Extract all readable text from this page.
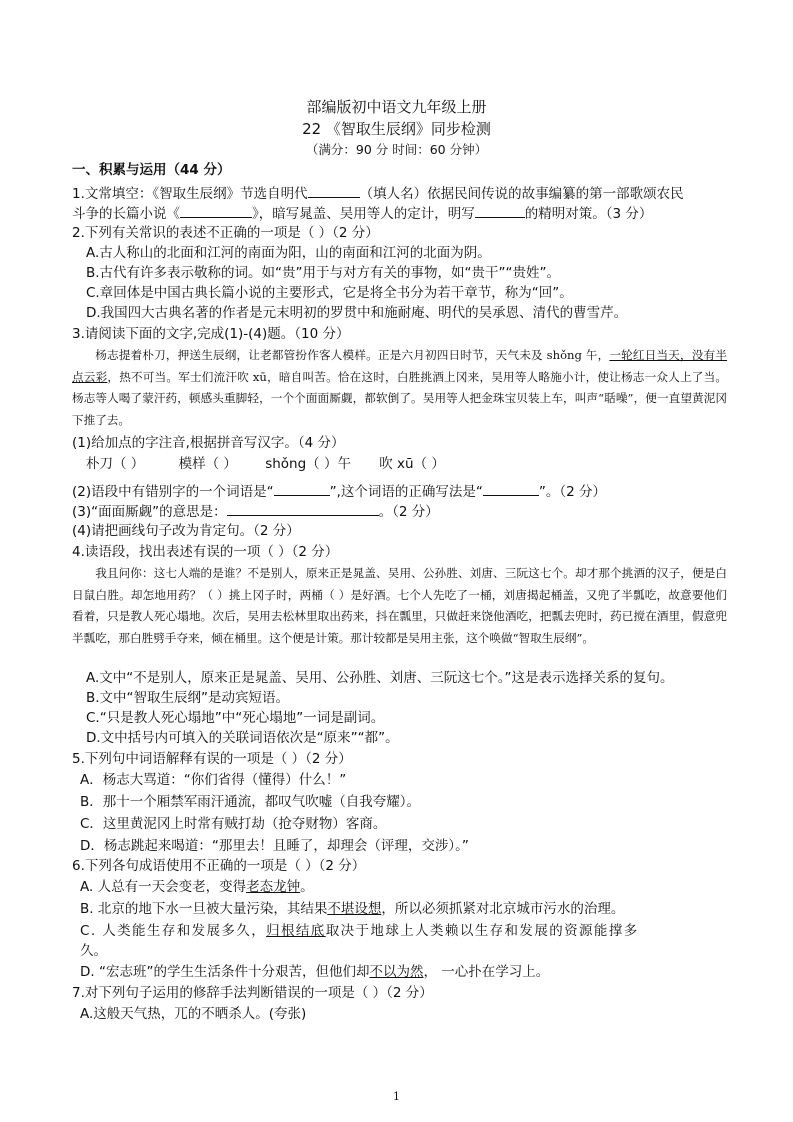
部编版初中语文九年级上册
22 《智取生辰纲》同步检测
（满分：90 分 时间：60 分钟）
一、积累与运用（44 分）
1.文常填空：《智取生辰纲》节选自明代	（填人名）依据民间传说的故事编纂的第一部歌颂农民
斗争的长篇小说《	》，暗写晁盖、吴用等人的定计，明写	的精明对策。（3 分）
2.下列有关常识的表述不正确的一项是（ ）（2 分）
A.古人称山的北面和江河的南面为阳，山的南面和江河的北面为阴。
B.古代有许多表示敬称的词。如“贵”用于与对方有关的事物，如“贵干”“贵姓”。
C.章回体是中国古典长篇小说的主要形式，它是将全书分为若干章节，称为“回”。
D.我国四大古典名著的作者是元末明初的罗贯中和施耐庵、明代的吴承恩、清代的曹雪芹。
3.请阅读下面的文字,完成(1)-(4)题。（10 分）
杨志提着朴刀，押送生辰纲，让老都管扮作客人模样。正是六月初四日时节，天气未及 shǒng 午，一轮红日当天，没有半点云彩，热不可当。军士们流汗吹 xū，暗自叫苦。恰在这时，白胜挑酒上冈来，吴用等人略施小计，使让杨志一众人上了当。杨志等人喝了蒙汗药，顿感头重脚轻，一个个面面厮觑，都软倒了。吴用等人把金珠宝贝装上车，叫声“聒噪”，便一直望黄泥冈下推了去。
(1)给加点的字注音,根据拼音写汉字。（4 分）
朴刀（ ）	模样（ ） shǒng（ ）午 吹 xū（ ）
(2)语段中有错别字的一个词语是“	”,这个词语的正确写法是“	”。（2 分）
(3)“面面厮觑”的意思是：	。（2 分）
(4)请把画线句子改为肯定句。（2 分）
4.读语段，找出表述有误的一项（ ）（2 分）
我且问你：这七人端的是谁？不是别人，原来正是晁盖、吴用、公孙胜、刘唐、三阮这七个。却才那个挑酒的汉子，便是白日鼠白胜。却怎地用药？（ ）挑上冈子时，两桶（ ）是好酒。七个人先吃了一桶，刘唐揭起桶盖，又兜了半瓢吃，故意要他们看着，只是教人死心塌地。次后，吴用去松林里取出药来，抖在瓢里，只做赶来饶他酒吃，把瓢去兜时，药已搅在酒里，假意兜半瓢吃，那白胜劈手夺来，倾在桶里。这个便是计策。那计较都是吴用主张，这个唤做“智取生辰纲”。
A.文中“不是别人，原来正是晁盖、吴用、公孙胜、刘唐、三阮这七个。”这是表示选择关系的复句。
B.文中“智取生辰纲”是动宾短语。
C.“只是教人死心塌地”中“死心塌地”一词是副词。
D.文中括号内可填入的关联词语依次是“原来”“都”。
5.下列句中词语解释有误的一项是（ ）（2 分）
A．杨志大骂道：“你们省得（懂得）什么！”
B．那十一个厢禁军雨汗通流，都叹气吹嘘（自我夸耀）。
C．这里黄泥冈上时常有贼打劫（抢夺财物）客商。
D．杨志跳起来喝道：“那里去！且睡了，却理会（评理，交涉）。”
6.下列各句成语使用不正确的一项是（ ）（2 分）
A. 人总有一天会变老，变得老态龙钟。
B. 北京的地下水一旦被大量污染，其结果不堪设想，所以必须抓紧对北京城市污水的治理。
C. 人类能生存和发展多久，归根结底取决于地球上人类赖以生存和发展的资源能撑多
久。
D. “宏志班”的学生生活条件十分艰苦，但他们却不以为然， 一心扑在学习上。
7.对下列句子运用的修辞手法判断错误的一项是（ ）（2 分）
A.这般天气热，兀的不晒杀人。(夸张)
1
